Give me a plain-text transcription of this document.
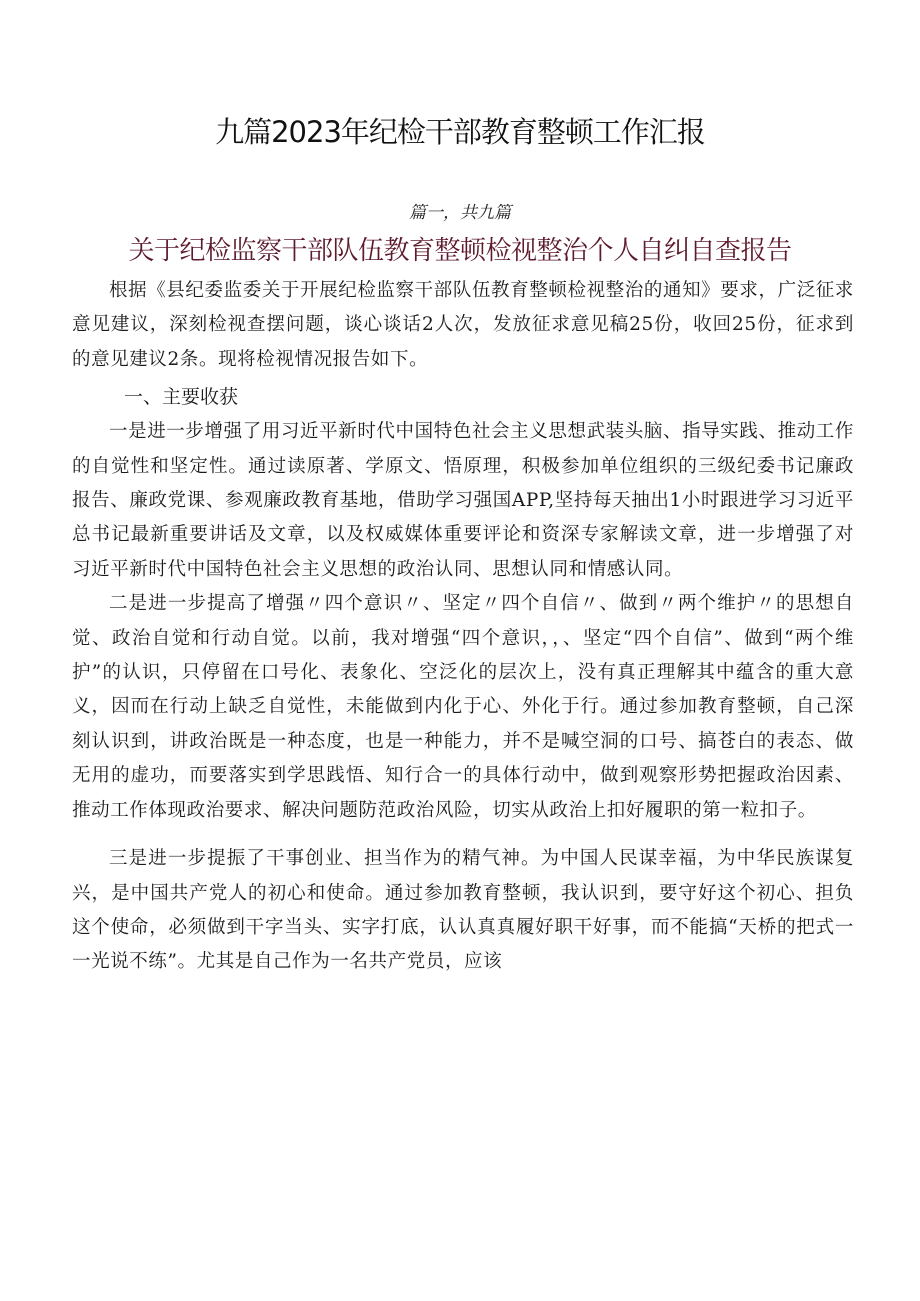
九篇2023年纪检干部教育整顿工作汇报

篇一，共九篇

关于纪检监察干部队伍教育整顿检视整治个人自纠自查报告

根据《县纪委监委关于开展纪检监察干部队伍教育整顿检视整治的通知》要求，广泛征求意见建议，深刻检视查摆问题，谈心谈话2人次，发放征求意见稿25份，收回25份，征求到的意见建议2条。现将检视情况报告如下。

一、主要收获

一是进一步增强了用习近平新时代中国特色社会主义思想武装头脑、指导实践、推动工作的自觉性和坚定性。通过读原著、学原文、悟原理，积极参加单位组织的三级纪委书记廉政报告、廉政党课、参观廉政教育基地，借助学习强国APP,坚持每天抽出1小时跟进学习习近平总书记最新重要讲话及文章，以及权威媒体重要评论和资深专家解读文章，进一步增强了对习近平新时代中国特色社会主义思想的政治认同、思想认同和情感认同。

二是进一步提高了增强〃四个意识〃、坚定〃四个自信〃、做到〃两个维护〃的思想自觉、政治自觉和行动自觉。以前，我对增强“四个意识，，、坚定“四个自信”、做到“两个维护”的认识，只停留在口号化、表象化、空泛化的层次上，没有真正理解其中蕴含的重大意义，因而在行动上缺乏自觉性，未能做到内化于心、外化于行。通过参加教育整顿，自己深刻认识到，讲政治既是一种态度，也是一种能力，并不是喊空洞的口号、搞苍白的表态、做无用的虚功，而要落实到学思践悟、知行合一的具体行动中，做到观察形势把握政治因素、推动工作体现政治要求、解决问题防范政治风险，切实从政治上扣好履职的第一粒扣子。

三是进一步提振了干事创业、担当作为的精气神。为中国人民谋幸福，为中华民族谋复兴，是中国共产党人的初心和使命。通过参加教育整顿，我认识到，要守好这个初心、担负这个使命，必须做到干字当头、实字打底，认认真真履好职干好事，而不能搞“天桥的把式一一光说不练”。尤其是自己作为一名共产党员，应该
